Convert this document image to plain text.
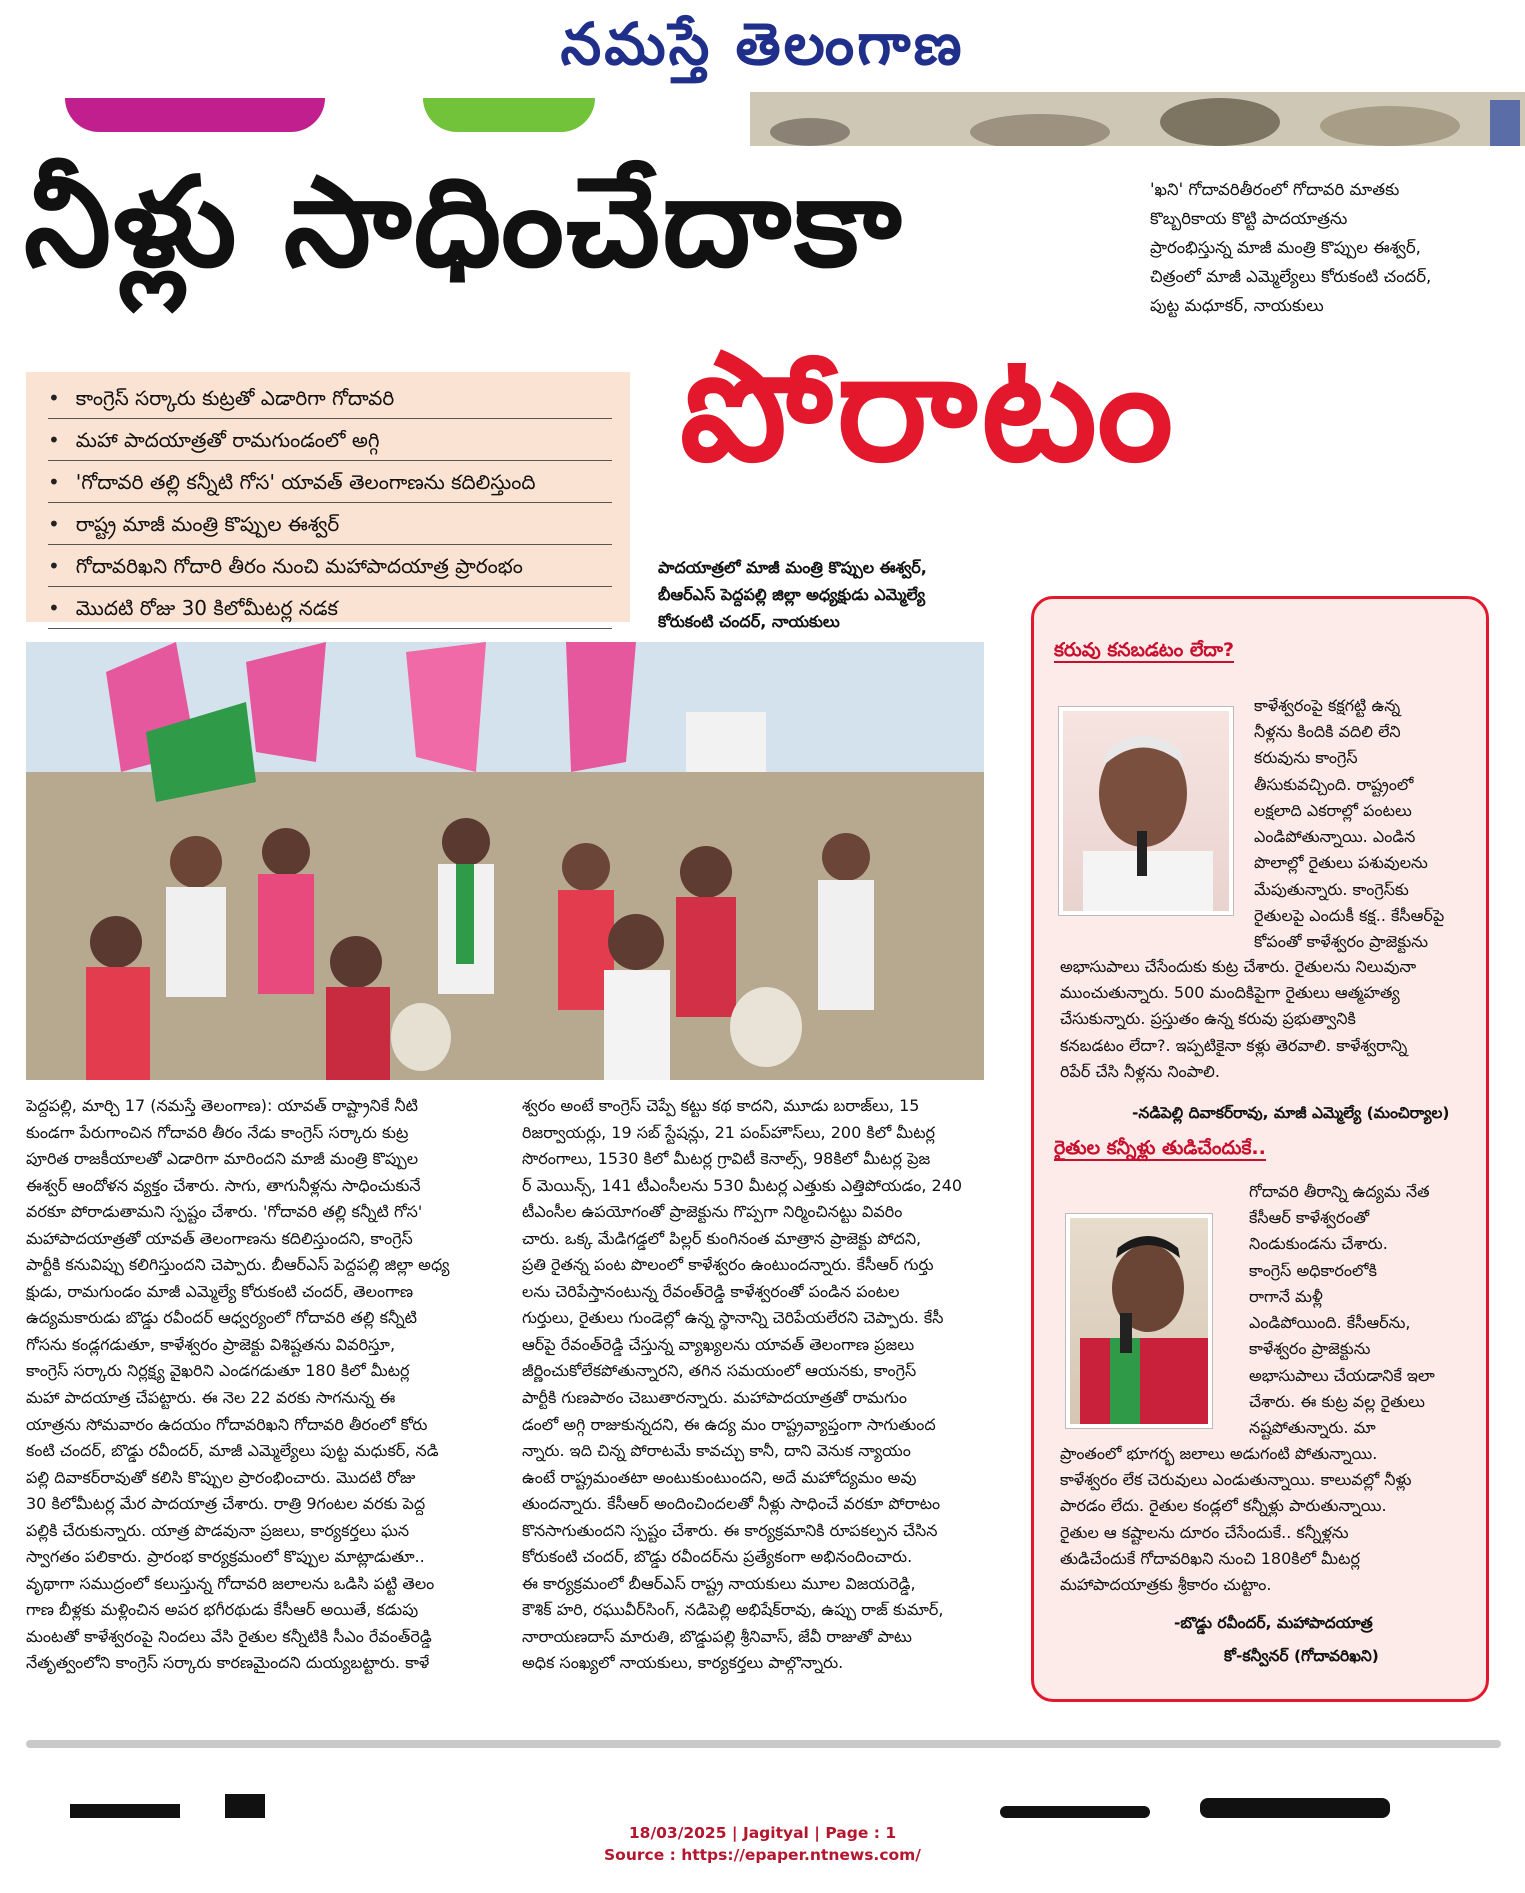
నమస్తే తెలంగాణ
నీళ్లు సాధించేదాకా
పోరాటం
'ఖని' గోదావరితీరంలో గోదావరి మాతకు
కొబ్బరికాయ కొట్టి పాదయాత్రను
ప్రారంభిస్తున్న మాజీ మంత్రి కొప్పుల ఈశ్వర్,
చిత్రంలో మాజీ ఎమ్మెల్యేలు కోరుకంటి చందర్,
పుట్ట మధూకర్, నాయకులు
• కాంగ్రెస్ సర్కారు కుట్రతో ఎడారిగా గోదావరి
• మహా పాదయాత్రతో రామగుండంలో అగ్గి
• 'గోదావరి తల్లి కన్నీటి గోస' యావత్ తెలంగాణను కదిలిస్తుంది
• రాష్ట్ర మాజీ మంత్రి కొప్పుల ఈశ్వర్
• గోదావరిఖని గోదారి తీరం నుంచి మహాపాదయాత్ర ప్రారంభం
• మొదటి రోజు 30 కిలోమీటర్ల నడక
పాదయాత్రలో మాజీ మంత్రి కొప్పుల ఈశ్వర్,
బీఆర్ఎస్ పెద్దపల్లి జిల్లా అధ్యక్షుడు ఎమ్మెల్యే
కోరుకంటి చందర్, నాయకులు
కరువు కనబడటం లేదా?
కాళేశ్వరంపై కక్షగట్టి ఉన్న
నీళ్లను కిందికి వదిలి లేని
కరువును కాంగ్రెస్
తీసుకువచ్చింది. రాష్ట్రంలో
లక్షలాది ఎకరాల్లో పంటలు
ఎండిపోతున్నాయి. ఎండిన
పొలాల్లో రైతులు పశువులను
మేపుతున్నారు. కాంగ్రెస్‌కు
రైతులపై ఎందుకీ కక్ష.. కేసీఆర్‌పై
కోపంతో కాళేశ్వరం ప్రాజెక్టును
అభాసుపాలు చేసేందుకు కుట్ర చేశారు. రైతులను నిలువునా
ముంచుతున్నారు. 500 మందికిపైగా రైతులు ఆత్మహత్య
చేసుకున్నారు. ప్రస్తుతం ఉన్న కరువు ప్రభుత్వానికి
కనబడటం లేదా?. ఇప్పటికైనా కళ్లు తెరవాలి. కాళేశ్వరాన్ని
రిపేర్ చేసి నీళ్లను నింపాలి.
-నడిపెల్లి దివాకర్‌రావు, మాజీ ఎమ్మెల్యే (మంచిర్యాల)
రైతుల కన్నీళ్లు తుడిచేందుకే..
గోదావరి తీరాన్ని ఉద్యమ నేత
కేసీఆర్ కాళేశ్వరంతో
నిండుకుండను చేశారు.
కాంగ్రెస్ అధికారంలోకి
రాగానే మళ్లీ
ఎండిపోయింది. కేసీఆర్‌ను,
కాళేశ్వరం ప్రాజెక్టును
అభాసుపాలు చేయడానికే ఇలా
చేశారు. ఈ కుట్ర వల్ల రైతులు
నష్టపోతున్నారు. మా
ప్రాంతంలో భూగర్భ జలాలు అడుగంటి పోతున్నాయి.
కాళేశ్వరం లేక చెరువులు ఎండుతున్నాయి. కాలువల్లో నీళ్లు
పారడం లేదు. రైతుల కండ్లలో కన్నీళ్లు పారుతున్నాయి.
రైతుల ఆ కష్టాలను దూరం చేసేందుకే.. కన్నీళ్లను
తుడిచేందుకే గోదావరిఖని నుంచి 180కిలో మీటర్ల
మహాపాదయాత్రకు శ్రీకారం చుట్టాం.
-బొడ్డు రవీందర్, మహాపాదయాత్ర
కో-కన్వీనర్ (గోదావరిఖని)
పెద్దపల్లి, మార్చి 17 (నమస్తే తెలంగాణ): యావత్ రాష్ట్రానికే నీటి
కుండగా పేరుగాంచిన గోదావరి తీరం నేడు కాంగ్రెస్ సర్కారు కుట్ర
పూరిత రాజకీయాలతో ఎడారిగా మారిందని మాజీ మంత్రి కొప్పుల
ఈశ్వర్ ఆందోళన వ్యక్తం చేశారు. సాగు, తాగునీళ్లను సాధించుకునే
వరకూ పోరాడుతామని స్పష్టం చేశారు. 'గోదావరి తల్లి కన్నీటి గోస'
మహాపాదయాత్రతో యావత్ తెలంగాణను కదిలిస్తుందని, కాంగ్రెస్
పార్టీకి కనువిప్పు కలిగిస్తుందని చెప్పారు. బీఆర్ఎస్ పెద్దపల్లి జిల్లా అధ్య
క్షుడు, రామగుండం మాజీ ఎమ్మెల్యే కోరుకంటి చందర్, తెలంగాణ
ఉద్యమకారుడు బొడ్డు రవీందర్ ఆధ్వర్యంలో గోదావరి తల్లి కన్నీటి
గోసను కండ్లగడుతూ, కాళేశ్వరం ప్రాజెక్టు విశిష్టతను వివరిస్తూ,
కాంగ్రెస్ సర్కారు నిర్లక్ష్య వైఖరిని ఎండగడుతూ 180 కిలో మీటర్ల
మహా పాదయాత్ర చేపట్టారు. ఈ నెల 22 వరకు సాగనున్న ఈ
యాత్రను సోమవారం ఉదయం గోదావరిఖని గోదావరి తీరంలో కోరు
కంటి చందర్, బొడ్డు రవీందర్, మాజీ ఎమ్మెల్యేలు పుట్ట మధుకర్, నడి
పల్లి దివాకర్‌రావుతో కలిసి కొప్పుల ప్రారంభించారు. మొదటి రోజు
30 కిలోమీటర్ల మేర పాదయాత్ర చేశారు. రాత్రి 9గంటల వరకు పెద్ద
పల్లికి చేరుకున్నారు. యాత్ర పొడవునా ప్రజలు, కార్యకర్తలు ఘన
స్వాగతం పలికారు. ప్రారంభ కార్యక్రమంలో కొప్పుల మాట్లాడుతూ..
వృథాగా సముద్రంలో కలుస్తున్న గోదావరి జలాలను ఒడిసి పట్టి తెలం
గాణ బీళ్లకు మళ్లించిన అపర భగీరథుడు కేసీఆర్ అయితే, కడుపు
మంటతో కాళేశ్వరంపై నిందలు వేసి రైతుల కన్నీటికి సీఎం రేవంత్‌రెడ్డి
నేతృత్వంలోని కాంగ్రెస్ సర్కారు కారణమైందని దుయ్యబట్టారు. కాళే
శ్వరం అంటే కాంగ్రెస్ చెప్పే కట్టు కథ కాదని, మూడు బరాజ్‌లు, 15
రిజర్వాయర్లు, 19 సబ్ స్టేషన్లు, 21 పంప్‌హౌస్‌లు, 200 కిలో మీటర్ల
సొరంగాలు, 1530 కిలో మీటర్ల గ్రావిటీ కెనాల్స్, 98కిలో మీటర్ల ప్రెజ
ర్ మెయిన్స్, 141 టీఎంసీలను 530 మీటర్ల ఎత్తుకు ఎత్తిపోయడం, 240
టీఎంసీల ఉపయోగంతో ప్రాజెక్టును గొప్పగా నిర్మించినట్టు వివరిం
చారు. ఒక్క మేడిగడ్డలో పిల్లర్ కుంగినంత మాత్రాన ప్రాజెక్టు పోదని,
ప్రతి రైతన్న పంట పొలంలో కాళేశ్వరం ఉంటుందన్నారు. కేసీఆర్ గుర్తు
లను చెరిపేస్తానంటున్న రేవంత్‌రెడ్డి కాళేశ్వరంతో పండిన పంటల
గుర్తులు, రైతులు గుండెల్లో ఉన్న స్థానాన్ని చెరిపేయలేరని చెప్పారు. కేసీ
ఆర్‌పై రేవంత్‌రెడ్డి చేస్తున్న వ్యాఖ్యలను యావత్ తెలంగాణ ప్రజలు
జీర్ణించుకోలేకపోతున్నారని, తగిన సమయంలో ఆయనకు, కాంగ్రెస్
పార్టీకి గుణపాఠం చెబుతారన్నారు. మహాపాదయాత్రతో రామగుం
డంలో అగ్గి రాజుకున్నదని, ఈ ఉద్య మం రాష్ట్రవ్యాప్తంగా సాగుతుంద
న్నారు. ఇది చిన్న పోరాటమే కావచ్చు కానీ, దాని వెనుక న్యాయం
ఉంటే రాష్ట్రమంతటా అంటుకుంటుందని, అదే మహోద్యమం అవు
తుందన్నారు. కేసీఆర్ అందించిందలతో నీళ్లు సాధించే వరకూ పోరాటం
కొనసాగుతుందని స్పష్టం చేశారు. ఈ కార్యక్రమానికి రూపకల్పన చేసిన
కోరుకంటి చందర్, బొడ్డు రవీందర్‌ను ప్రత్యేకంగా అభినందించారు.
ఈ కార్యక్రమంలో బీఆర్ఎస్ రాష్ట్ర నాయకులు మూల విజయరెడ్డి,
కౌశిక్ హరి, రఘువీర్‌సింగ్, నడిపెల్లి అభిషేక్‌రావు, ఉప్పు రాజ్ కుమార్,
నారాయణదాస్ మారుతి, బొడ్డుపల్లి శ్రీనివాస్, జేవీ రాజుతో పాటు
అధిక సంఖ్యలో నాయకులు, కార్యకర్తలు పాల్గొన్నారు.
18/03/2025 | Jagityal | Page : 1
Source : https://epaper.ntnews.com/
